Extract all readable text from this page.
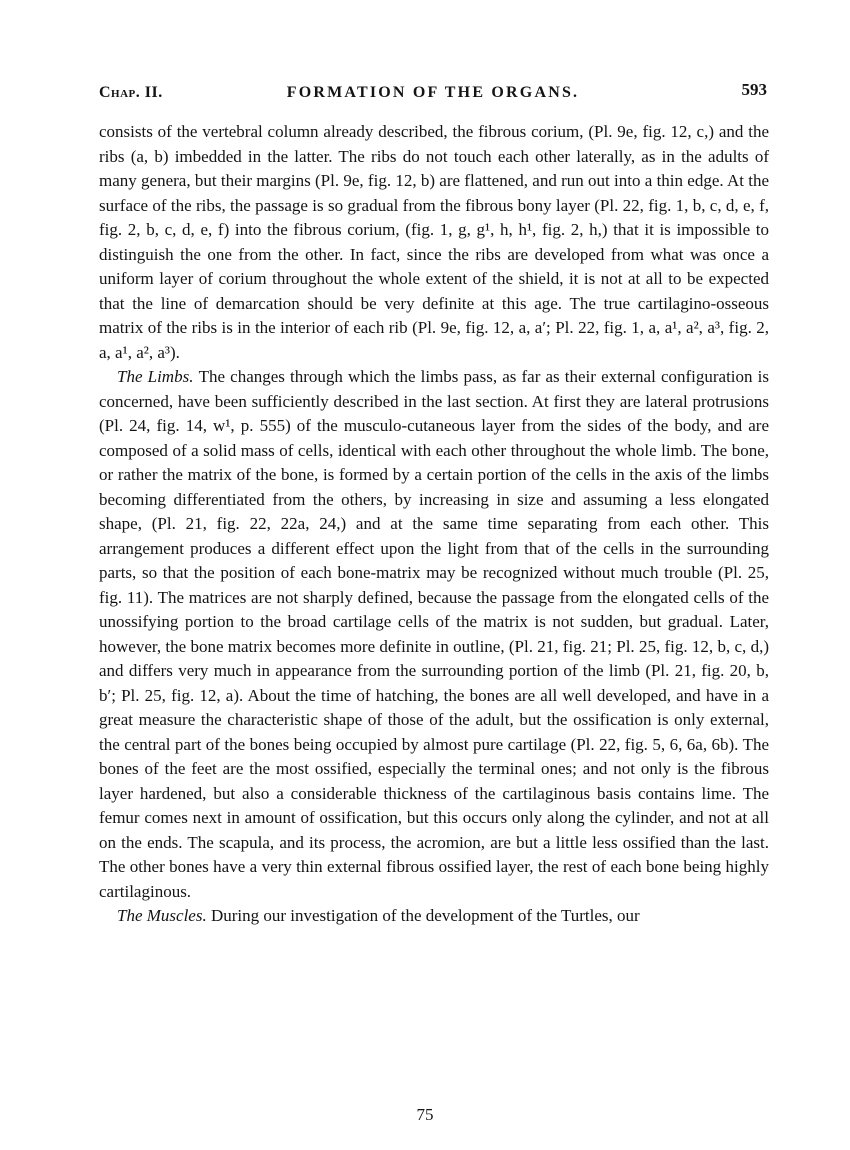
Chap. II.	FORMATION OF THE ORGANS.	593

consists of the vertebral column already described, the fibrous corium, (Pl. 9e, fig. 12, c,) and the ribs (a, b) imbedded in the latter. The ribs do not touch each other laterally, as in the adults of many genera, but their margins (Pl. 9e, fig. 12, b) are flattened, and run out into a thin edge. At the surface of the ribs, the passage is so gradual from the fibrous bony layer (Pl. 22, fig. 1, b, c, d, e, f, fig. 2, b, c, d, e, f) into the fibrous corium, (fig. 1, g, g¹, h, h¹, fig. 2, h,) that it is impossible to distinguish the one from the other. In fact, since the ribs are developed from what was once a uniform layer of corium throughout the whole extent of the shield, it is not at all to be expected that the line of demarcation should be very definite at this age. The true cartilagino-osseous matrix of the ribs is in the interior of each rib (Pl. 9e, fig. 12, a, a′; Pl. 22, fig. 1, a, a¹, a², a³, fig. 2, a, a¹, a², a³).

The Limbs. The changes through which the limbs pass, as far as their external configuration is concerned, have been sufficiently described in the last section. At first they are lateral protrusions (Pl. 24, fig. 14, w¹, p. 555) of the musculo-cutaneous layer from the sides of the body, and are composed of a solid mass of cells, identical with each other throughout the whole limb. The bone, or rather the matrix of the bone, is formed by a certain portion of the cells in the axis of the limbs becoming differentiated from the others, by increasing in size and assuming a less elongated shape, (Pl. 21, fig. 22, 22a, 24,) and at the same time separating from each other. This arrangement produces a different effect upon the light from that of the cells in the surrounding parts, so that the position of each bone-matrix may be recognized without much trouble (Pl. 25, fig. 11). The matrices are not sharply defined, because the passage from the elongated cells of the unossifying portion to the broad cartilage cells of the matrix is not sudden, but gradual. Later, however, the bone matrix becomes more definite in outline, (Pl. 21, fig. 21; Pl. 25, fig. 12, b, c, d,) and differs very much in appearance from the surrounding portion of the limb (Pl. 21, fig. 20, b, b′; Pl. 25, fig. 12, a). About the time of hatching, the bones are all well developed, and have in a great measure the characteristic shape of those of the adult, but the ossification is only external, the central part of the bones being occupied by almost pure cartilage (Pl. 22, fig. 5, 6, 6a, 6b). The bones of the feet are the most ossified, especially the terminal ones; and not only is the fibrous layer hardened, but also a considerable thickness of the cartilaginous basis contains lime. The femur comes next in amount of ossification, but this occurs only along the cylinder, and not at all on the ends. The scapula, and its process, the acromion, are but a little less ossified than the last. The other bones have a very thin external fibrous ossified layer, the rest of each bone being highly cartilaginous.

The Muscles. During our investigation of the development of the Turtles, our

75
